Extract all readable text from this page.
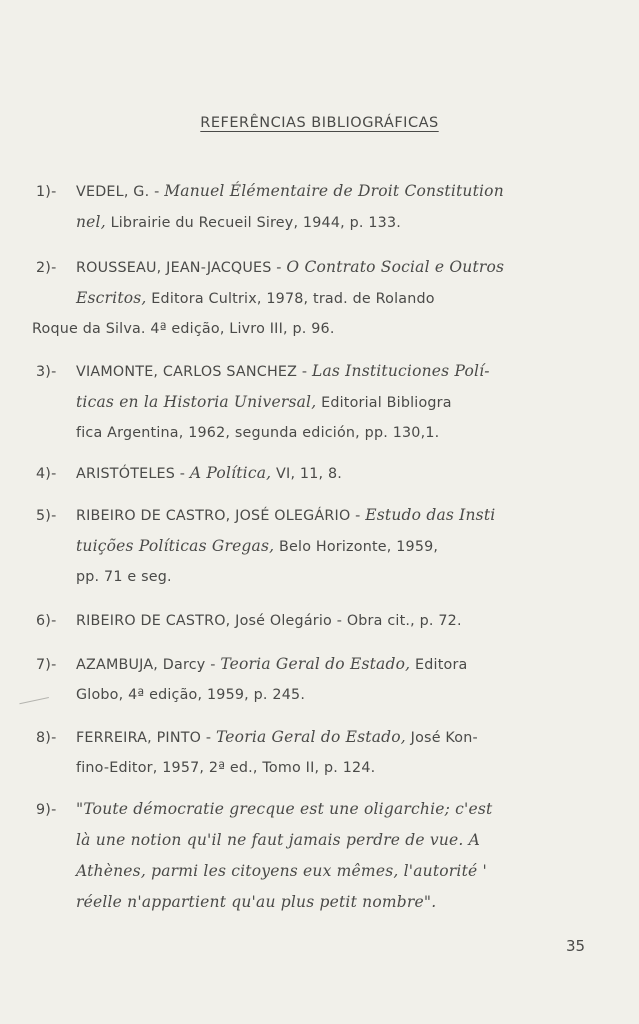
REFERÊNCIAS BIBLIOGRÁFICAS
1)- VEDEL, G. - Manuel Élémentaire de Droit Constitution
nel, Librairie du Recueil Sirey, 1944, p. 133.
2)- ROUSSEAU, JEAN-JACQUES - O Contrato Social e Outros
Escritos, Editora Cultrix, 1978, trad. de Rolando
Roque da Silva. 4ª edição, Livro III, p. 96.
3)- VIAMONTE, CARLOS SANCHEZ - Las Instituciones Polí-
ticas en la Historia Universal, Editorial Bibliogra
fica Argentina, 1962, segunda edición, pp. 130,1.
4)- ARISTÓTELES - A Política, VI, 11, 8.
5)- RIBEIRO DE CASTRO, JOSÉ OLEGÁRIO - Estudo das Insti
tuições Políticas Gregas, Belo Horizonte, 1959,
pp. 71 e seg.
6)- RIBEIRO DE CASTRO, José Olegário - Obra cit., p. 72.
7)- AZAMBUJA, Darcy - Teoria Geral do Estado, Editora
Globo, 4ª edição, 1959, p. 245.
8)- FERREIRA, PINTO - Teoria Geral do Estado, José Kon-
fino-Editor, 1957, 2ª ed., Tomo II, p. 124.
9)- "Toute démocratie grecque est une oligarchie; c'est
là une notion qu'il ne faut jamais perdre de vue. A
Athènes, parmi les citoyens eux mêmes, l'autorité '
réelle n'appartient qu'au plus petit nombre".
35
